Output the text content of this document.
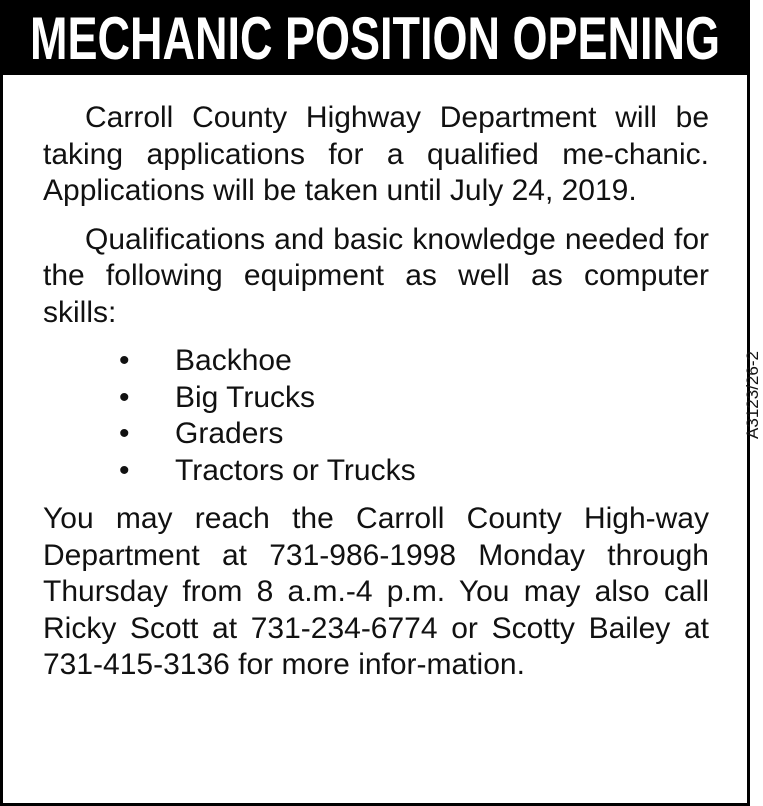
MECHANIC POSITION OPENING

Carroll County Highway Department will be taking applications for a qualified me-chanic. Applications will be taken until July 24, 2019.

Qualifications and basic knowledge needed for the following equipment as well as computer skills:

•	Backhoe
•	Big Trucks
•	Graders
•	Tractors or Trucks

You may reach the Carroll County High-way Department at 731-986-1998 Monday through Thursday from 8 a.m.-4 p.m. You may also call Ricky Scott at 731-234-6774 or Scotty Bailey at 731-415-3136 for more infor-mation.

A3123/26-2
